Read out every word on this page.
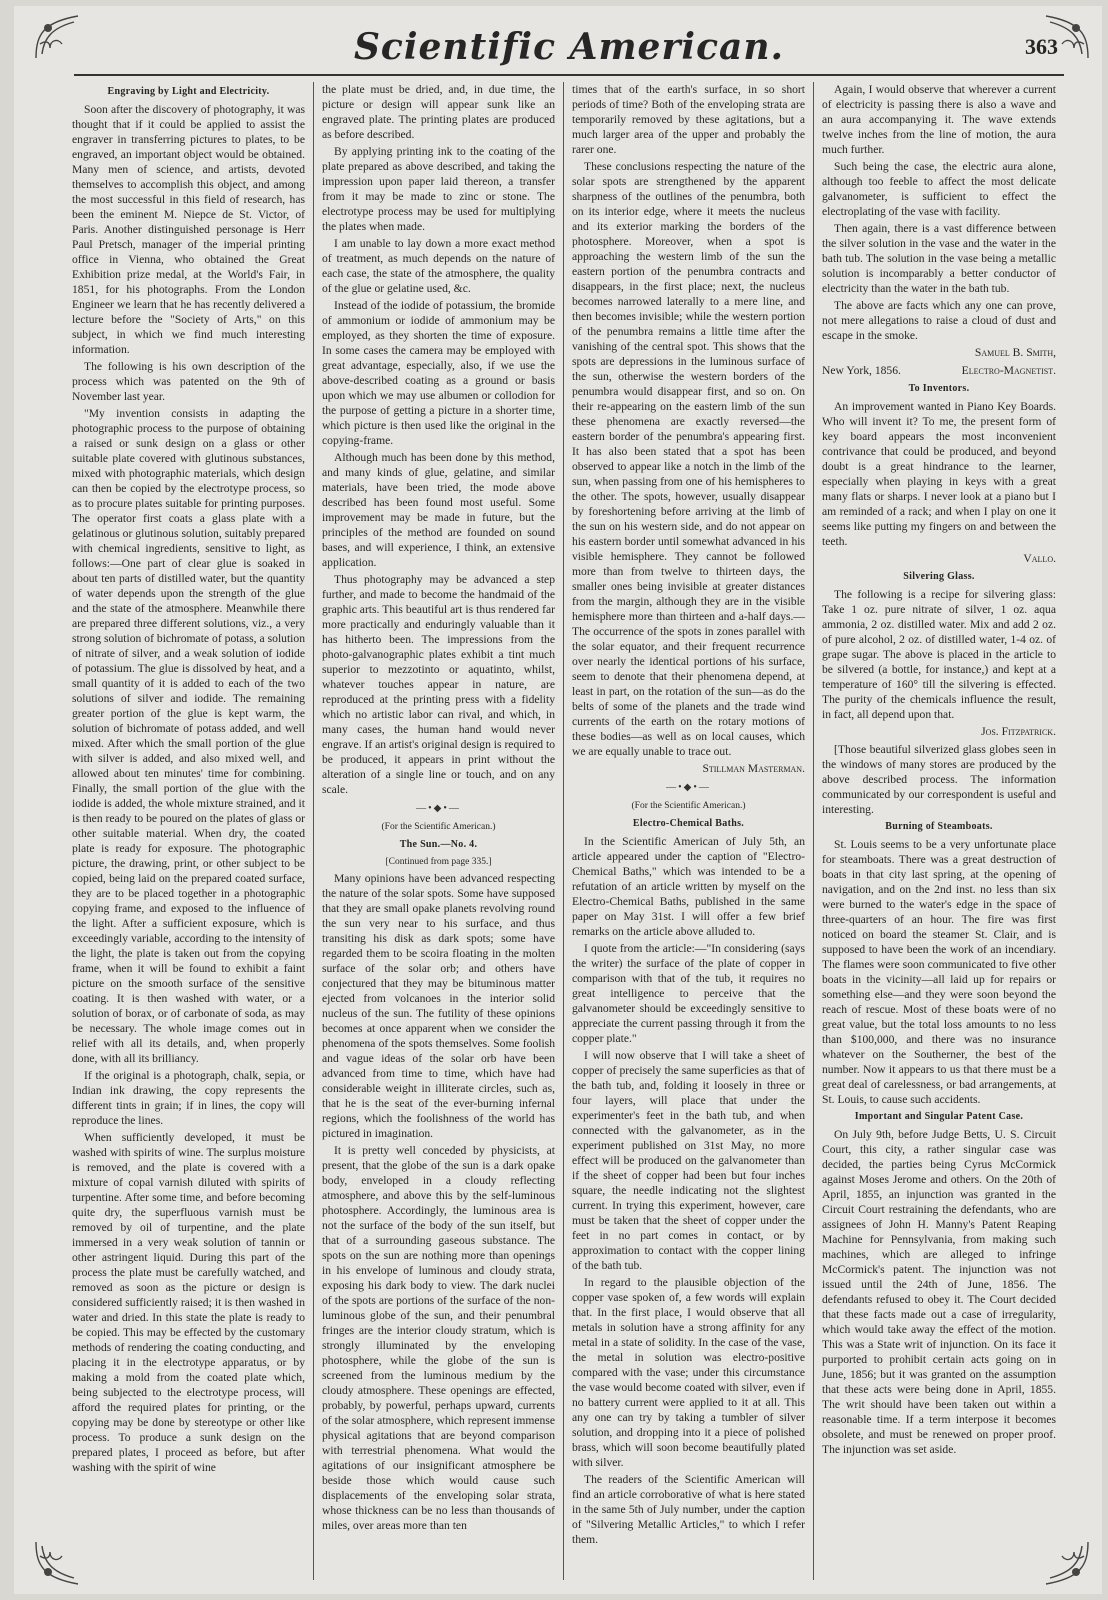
Scientific American.	363
Engraving by Light and Electricity.

Soon after the discovery of photography, it was thought that if it could be applied to assist the engraver in transferring pictures to plates, to be engraved, an important object would be obtained. Many men of science, and artists, devoted themselves to accomplish this object, and among the most successful in this field of research, has been the eminent M. Niepce de St. Victor, of Paris. Another distinguished personage is Herr Paul Pretsch, manager of the imperial printing office in Vienna, who obtained the Great Exhibition prize medal, at the World's Fair, in 1851, for his photographs. From the London Engineer we learn that he has recently delivered a lecture before the "Society of Arts," on this subject, in which we find much interesting information.

The following is his own description of the process which was patented on the 9th of November last year.

"My invention consists in adapting the photographic process to the purpose of obtaining a raised or sunk design on a glass or other suitable plate covered with glutinous substances, mixed with photographic materials, which design can then be copied by the electrotype process, so as to procure plates suitable for printing purposes. The operator first coats a glass plate with a gelatinous or glutinous solution, suitably prepared with chemical ingredients, sensitive to light, as follows:—One part of clear glue is soaked in about ten parts of distilled water, but the quantity of water depends upon the strength of the glue and the state of the atmosphere. Meanwhile there are prepared three different solutions, viz., a very strong solution of bichromate of potass, a solution of nitrate of silver, and a weak solution of iodide of potassium. The glue is dissolved by heat, and a small quantity of it is added to each of the two solutions of silver and iodide. The remaining greater portion of the glue is kept warm, the solution of bichromate of potass added, and well mixed. After which the small portion of the glue with silver is added, and also mixed well, and allowed about ten minutes' time for combining. Finally, the small portion of the glue with the iodide is added, the whole mixture strained, and it is then ready to be poured on the plates of glass or other suitable material. When dry, the coated plate is ready for exposure. The photographic picture, the drawing, print, or other subject to be copied, being laid on the prepared coated surface, they are to be placed together in a photographic copying frame, and exposed to the influence of the light. After a sufficient exposure, which is exceedingly variable, according to the intensity of the light, the plate is taken out from the copying frame, when it will be found to exhibit a faint picture on the smooth surface of the sensitive coating. It is then washed with water, or a solution of borax, or of carbonate of soda, as may be necessary. The whole image comes out in relief with all its details, and, when properly done, with all its brilliancy.

If the original is a photograph, chalk, sepia, or Indian ink drawing, the copy represents the different tints in grain; if in lines, the copy will reproduce the lines.

When sufficiently developed, it must be washed with spirits of wine. The surplus moisture is removed, and the plate is covered with a mixture of copal varnish diluted with spirits of turpentine. After some time, and before becoming quite dry, the superfluous varnish must be removed by oil of turpentine, and the plate immersed in a very weak solution of tannin or other astringent liquid. During this part of the process the plate must be carefully watched, and removed as soon as the picture or design is considered sufficiently raised; it is then washed in water and dried. In this state the plate is ready to be copied. This may be effected by the customary methods of rendering the coating conducting, and placing it in the electrotype apparatus, or by making a mold from the coated plate which, being subjected to the electrotype process, will afford the required plates for printing, or the copying may be done by stereotype or other like process. To produce a sunk design on the prepared plates, I proceed as before, but after washing with the spirit of wine

the plate must be dried, and, in due time, the picture or design will appear sunk like an engraved plate. The printing plates are produced as before described.

By applying printing ink to the coating of the plate prepared as above described, and taking the impression upon paper laid thereon, a transfer from it may be made to zinc or stone. The electrotype process may be used for multiplying the plates when made.

I am unable to lay down a more exact method of treatment, as much depends on the nature of each case, the state of the atmosphere, the quality of the glue or gelatine used, &c.

Instead of the iodide of potassium, the bromide of ammonium or iodide of ammonium may be employed, as they shorten the time of exposure. In some cases the camera may be employed with great advantage, especially, also, if we use the above-described coating as a ground or basis upon which we may use albumen or collodion for the purpose of getting a picture in a shorter time, which picture is then used like the original in the copying-frame.

Although much has been done by this method, and many kinds of glue, gelatine, and similar materials, have been tried, the mode above described has been found most useful. Some improvement may be made in future, but the principles of the method are founded on sound bases, and will experience, I think, an extensive application.

Thus photography may be advanced a step further, and made to become the handmaid of the graphic arts. This beautiful art is thus rendered far more practically and enduringly valuable than it has hitherto been. The impressions from the photo-galvanographic plates exhibit a tint much superior to mezzotinto or aquatinto, whilst, whatever touches appear in nature, are reproduced at the printing press with a fidelity which no artistic labor can rival, and which, in many cases, the human hand would never engrave. If an artist's original design is required to be produced, it appears in print without the alteration of a single line or touch, and on any scale.

—•◆•—
(For the Scientific American.)
The Sun.—No. 4.
[Continued from page 335.]

Many opinions have been advanced respecting the nature of the solar spots. Some have supposed that they are small opake planets revolving round the sun very near to his surface, and thus transiting his disk as dark spots; some have regarded them to be scoira floating in the molten surface of the solar orb; and others have conjectured that they may be bituminous matter ejected from volcanoes in the interior solid nucleus of the sun. The futility of these opinions becomes at once apparent when we consider the phenomena of the spots themselves. Some foolish and vague ideas of the solar orb have been advanced from time to time, which have had considerable weight in illiterate circles, such as, that he is the seat of the ever-burning infernal regions, which the foolishness of the world has pictured in imagination.

It is pretty well conceded by physicists, at present, that the globe of the sun is a dark opake body, enveloped in a cloudy reflecting atmosphere, and above this by the self-luminous photosphere. Accordingly, the luminous area is not the surface of the body of the sun itself, but that of a surrounding gaseous substance. The spots on the sun are nothing more than openings in his envelope of luminous and cloudy strata, exposing his dark body to view. The dark nuclei of the spots are portions of the surface of the non-luminous globe of the sun, and their penumbral fringes are the interior cloudy stratum, which is strongly illuminated by the enveloping photosphere, while the globe of the sun is screened from the luminous medium by the cloudy atmosphere. These openings are effected, probably, by powerful, perhaps upward, currents of the solar atmosphere, which represent immense physical agitations that are beyond comparison with terrestrial phenomena. What would the agitations of our insignificant atmosphere be beside those which would cause such displacements of the enveloping solar strata, whose thickness can be no less than thousands of miles, over areas more than ten

times that of the earth's surface, in so short periods of time? Both of the enveloping strata are temporarily removed by these agitations, but a much larger area of the upper and probably the rarer one.

These conclusions respecting the nature of the solar spots are strengthened by the apparent sharpness of the outlines of the penumbra, both on its interior edge, where it meets the nucleus and its exterior marking the borders of the photosphere. Moreover, when a spot is approaching the western limb of the sun the eastern portion of the penumbra contracts and disappears, in the first place; next, the nucleus becomes narrowed laterally to a mere line, and then becomes invisible; while the western portion of the penumbra remains a little time after the vanishing of the central spot. This shows that the spots are depressions in the luminous surface of the sun, otherwise the western borders of the penumbra would disappear first, and so on. On their re-appearing on the eastern limb of the sun these phenomena are exactly reversed—the eastern border of the penumbra's appearing first. It has also been stated that a spot has been observed to appear like a notch in the limb of the sun, when passing from one of his hemispheres to the other. The spots, however, usually disappear by foreshortening before arriving at the limb of the sun on his western side, and do not appear on his eastern border until somewhat advanced in his visible hemisphere. They cannot be followed more than from twelve to thirteen days, the smaller ones being invisible at greater distances from the margin, although they are in the visible hemisphere more than thirteen and a-half days.—The occurrence of the spots in zones parallel with the solar equator, and their frequent recurrence over nearly the identical portions of his surface, seem to denote that their phenomena depend, at least in part, on the rotation of the sun—as do the belts of some of the planets and the trade wind currents of the earth on the rotary motions of these bodies—as well as on local causes, which we are equally unable to trace out.

Stillman Masterman.
—•◆•—
(For the Scientific American.)
Electro-Chemical Baths.

In the Scientific American of July 5th, an article appeared under the caption of "Electro-Chemical Baths," which was intended to be a refutation of an article written by myself on the Electro-Chemical Baths, published in the same paper on May 31st. I will offer a few brief remarks on the article above alluded to.

I quote from the article:—"In considering (says the writer) the surface of the plate of copper in comparison with that of the tub, it requires no great intelligence to perceive that the galvanometer should be exceedingly sensitive to appreciate the current passing through it from the copper plate."

I will now observe that I will take a sheet of copper of precisely the same superficies as that of the bath tub, and, folding it loosely in three or four layers, will place that under the experimenter's feet in the bath tub, and when connected with the galvanometer, as in the experiment published on 31st May, no more effect will be produced on the galvanometer than if the sheet of copper had been but four inches square, the needle indicating not the slightest current. In trying this experiment, however, care must be taken that the sheet of copper under the feet in no part comes in contact, or by approximation to contact with the copper lining of the bath tub.

In regard to the plausible objection of the copper vase spoken of, a few words will explain that. In the first place, I would observe that all metals in solution have a strong affinity for any metal in a state of solidity. In the case of the vase, the metal in solution was electro-positive compared with the vase; under this circumstance the vase would become coated with silver, even if no battery current were applied to it at all. This any one can try by taking a tumbler of silver solution, and dropping into it a piece of polished brass, which will soon become beautifully plated with silver.

The readers of the Scientific American will find an article corroborative of what is here stated in the same 5th of July number, under the caption of "Silvering Metallic Articles," to which I refer them.

Again, I would observe that wherever a current of electricity is passing there is also a wave and an aura accompanying it. The wave extends twelve inches from the line of motion, the aura much further.

Such being the case, the electric aura alone, although too feeble to affect the most delicate galvanometer, is sufficient to effect the electroplating of the vase with facility.

Then again, there is a vast difference between the silver solution in the vase and the water in the bath tub. The solution in the vase being a metallic solution is incomparably a better conductor of electricity than the water in the bath tub.

The above are facts which any one can prove, not mere allegations to raise a cloud of dust and escape in the smoke.

Samuel B. Smith,
New York, 1856.	Electro-Magnetist.
To Inventors.

An improvement wanted in Piano Key Boards. Who will invent it? To me, the present form of key board appears the most inconvenient contrivance that could be produced, and beyond doubt is a great hindrance to the learner, especially when playing in keys with a great many flats or sharps. I never look at a piano but I am reminded of a rack; and when I play on one it seems like putting my fingers on and between the teeth.

Vallo.
Silvering Glass.

The following is a recipe for silvering glass: Take 1 oz. pure nitrate of silver, 1 oz. aqua ammonia, 2 oz. distilled water. Mix and add 2 oz. of pure alcohol, 2 oz. of distilled water, 1-4 oz. of grape sugar. The above is placed in the article to be silvered (a bottle, for instance,) and kept at a temperature of 160° till the silvering is effected. The purity of the chemicals influence the result, in fact, all depend upon that.

Jos. Fitzpatrick.

[Those beautiful silverized glass globes seen in the windows of many stores are produced by the above described process. The information communicated by our correspondent is useful and interesting.

Burning of Steamboats.

St. Louis seems to be a very unfortunate place for steamboats. There was a great destruction of boats in that city last spring, at the opening of navigation, and on the 2nd inst. no less than six were burned to the water's edge in the space of three-quarters of an hour. The fire was first noticed on board the steamer St. Clair, and is supposed to have been the work of an incendiary. The flames were soon communicated to five other boats in the vicinity—all laid up for repairs or something else—and they were soon beyond the reach of rescue. Most of these boats were of no great value, but the total loss amounts to no less than $100,000, and there was no insurance whatever on the Southerner, the best of the number. Now it appears to us that there must be a great deal of carelessness, or bad arrangements, at St. Louis, to cause such accidents.

Important and Singular Patent Case.

On July 9th, before Judge Betts, U. S. Circuit Court, this city, a rather singular case was decided, the parties being Cyrus McCormick against Moses Jerome and others. On the 20th of April, 1855, an injunction was granted in the Circuit Court restraining the defendants, who are assignees of John H. Manny's Patent Reaping Machine for Pennsylvania, from making such machines, which are alleged to infringe McCormick's patent. The injunction was not issued until the 24th of June, 1856. The defendants refused to obey it. The Court decided that these facts made out a case of irregularity, which would take away the effect of the motion. This was a State writ of injunction. On its face it purported to prohibit certain acts going on in June, 1856; but it was granted on the assumption that these acts were being done in April, 1855. The writ should have been taken out within a reasonable time. If a term interpose it becomes obsolete, and must be renewed on proper proof. The injunction was set aside.
